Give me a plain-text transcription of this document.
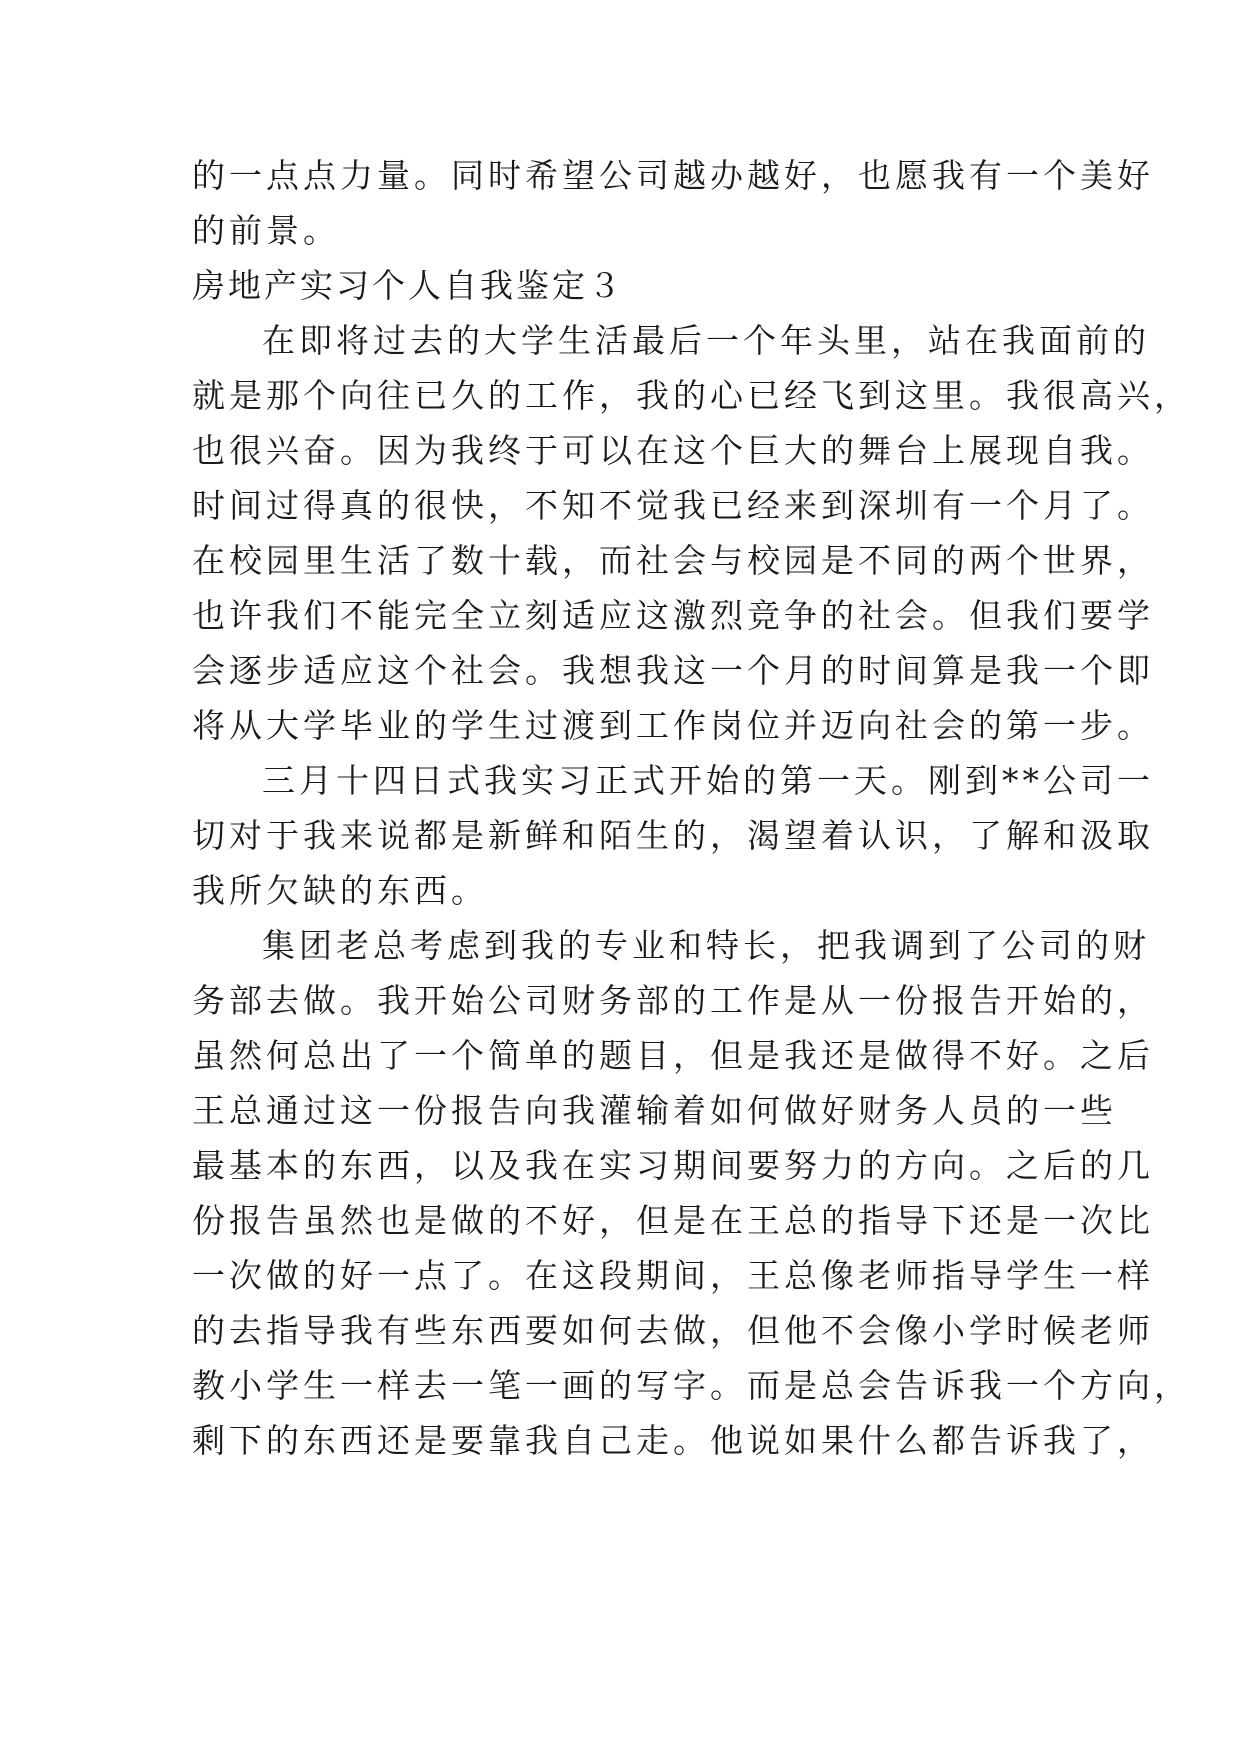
的一点点力量。同时希望公司越办越好，也愿我有一个美好
的前景。
房地产实习个人自我鉴定３
在即将过去的大学生活最后一个年头里，站在我面前的
就是那个向往已久的工作，我的心已经飞到这里。我很高兴，
也很兴奋。因为我终于可以在这个巨大的舞台上展现自我。
时间过得真的很快，不知不觉我已经来到深圳有一个月了。
在校园里生活了数十载，而社会与校园是不同的两个世界，
也许我们不能完全立刻适应这激烈竞争的社会。但我们要学
会逐步适应这个社会。我想我这一个月的时间算是我一个即
将从大学毕业的学生过渡到工作岗位并迈向社会的第一步。
三月十四日式我实习正式开始的第一天。刚到**公司一
切对于我来说都是新鲜和陌生的，渴望着认识，了解和汲取
我所欠缺的东西。
集团老总考虑到我的专业和特长，把我调到了公司的财
务部去做。我开始公司财务部的工作是从一份报告开始的，
虽然何总出了一个简单的题目，但是我还是做得不好。之后
王总通过这一份报告向我灌输着如何做好财务人员的一些
最基本的东西，以及我在实习期间要努力的方向。之后的几
份报告虽然也是做的不好，但是在王总的指导下还是一次比
一次做的好一点了。在这段期间，王总像老师指导学生一样
的去指导我有些东西要如何去做，但他不会像小学时候老师
教小学生一样去一笔一画的写字。而是总会告诉我一个方向，
剩下的东西还是要靠我自己走。他说如果什么都告诉我了，
